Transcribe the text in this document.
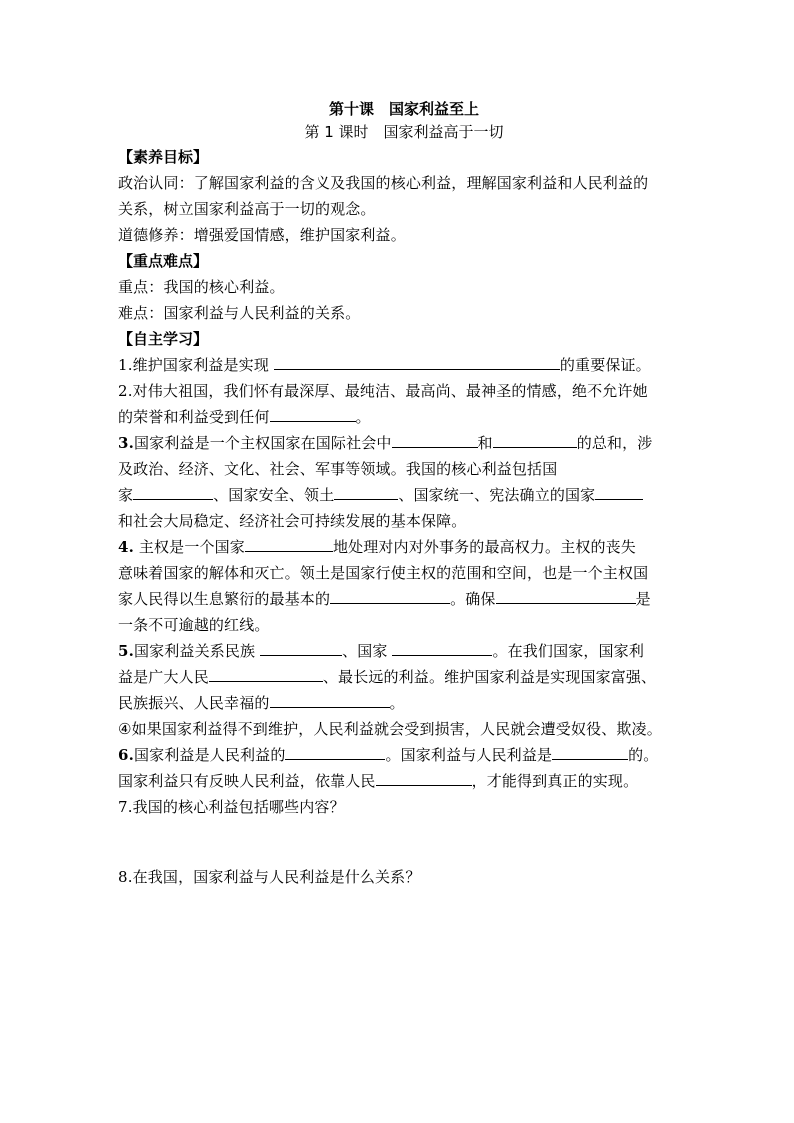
第十课　国家利益至上
第 1 课时　国家利益高于一切
【素养目标】
政治认同：了解国家利益的含义及我国的核心利益，理解国家利益和人民利益的
关系，树立国家利益高于一切的观念。
道德修养：增强爱国情感，维护国家利益。
【重点难点】
重点：我国的核心利益。
难点：国家利益与人民利益的关系。
【自主学习】
1.维护国家利益是实现	的重要保证。
2.对伟大祖国，我们怀有最深厚、最纯洁、最高尚、最神圣的情感，绝不允许她
的荣誉和利益受到任何	。
3.国家利益是一个主权国家在国际社会中	和	的总和，涉
及政治、经济、文化、社会、军事等领域。我国的核心利益包括国
家	、国家安全、领土	、国家统一、宪法确立的国家
和社会大局稳定、经济社会可持续发展的基本保障。
4. 主权是一个国家	地处理对内对外事务的最高权力。主权的丧失
意味着国家的解体和灭亡。领土是国家行使主权的范围和空间，也是一个主权国
家人民得以生息繁衍的最基本的	。确保	是
一条不可逾越的红线。
5.国家利益关系民族	、国家	。在我们国家，国家利
益是广大人民	、最长远的利益。维护国家利益是实现国家富强、
民族振兴、人民幸福的	。
④如果国家利益得不到维护，人民利益就会受到损害，人民就会遭受奴役、欺凌。
6.国家利益是人民利益的	。国家利益与人民利益是	的。
国家利益只有反映人民利益，依靠人民	，才能得到真正的实现。
7.我国的核心利益包括哪些内容？
8.在我国，国家利益与人民利益是什么关系？
